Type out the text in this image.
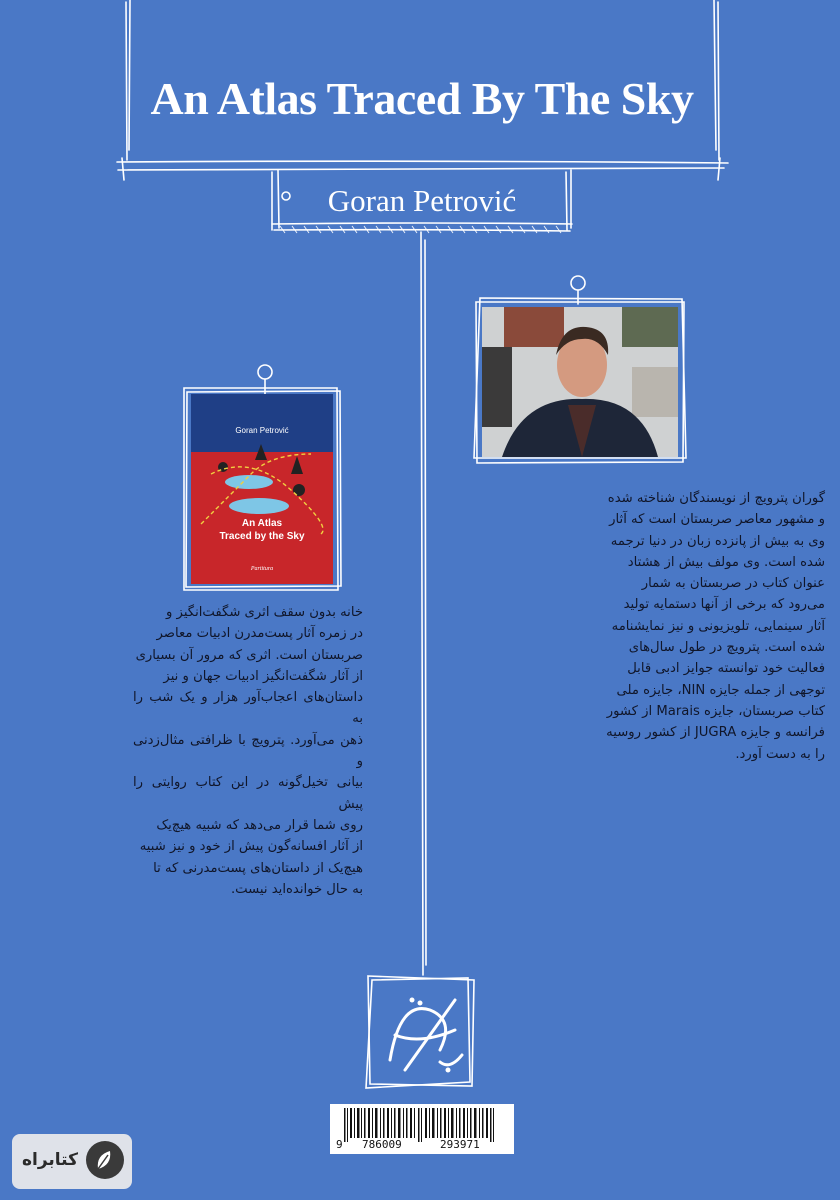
An Atlas Traced By The Sky
Goran Petrović
Goran Petrović
An Atlas
Traced by the Sky
Partitura
گوران پترویچ از نویسندگان شناخته شده
و مشهور معاصر صربستان است که آثار
وی به بیش از پانزده زبان در دنیا ترجمه
شده است. وی مولف بیش از هشتاد
عنوان کتاب در صربستان به شمار
می‌رود که برخی از آنها دستمایه تولید
آثار سینمایی، تلویزیونی و نیز نمایشنامه
شده است. پترویچ در طول سال‌های
فعالیت خود توانسته جوایز ادبی قابل
توجهی از جمله جایزه NIN، جایزه ملی
کتاب صربستان، جایزه Marais از کشور
فرانسه و جایزه JUGRA از کشور روسیه
را به دست آورد.
خانه بدون سقف اثری شگفت‌انگیز و
در زمره آثار پست‌مدرن ادبیات معاصر
صربستان است. اثری که مرور آن بسیاری
از آثار شگفت‌انگیز ادبیات جهان و نیز
داستان‌های اعجاب‌آور هزار و یک شب را به
ذهن می‌آورد. پترویچ با ظرافتی مثال‌زدنی و
بیانی تخیل‌گونه در این کتاب روایتی را پیش
روی شما قرار می‌دهد که شبیه هیچ‌یک
از آثار افسانه‌گون پیش از خود و نیز شبیه
هیچ‌یک از داستان‌های پست‌مدرنی که تا
به حال خوانده‌اید نیست.
9 786009	293971
کتابراه
